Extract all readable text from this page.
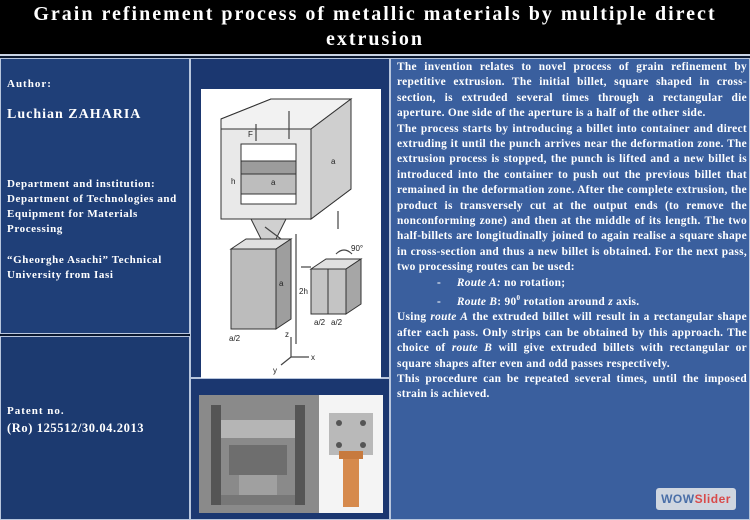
Grain refinement process of metallic materials by multiple direct extrusion
Author:
Luchian ZAHARIA
Department and institution:
Department of Technologies and Equipment for Materials Processing
“Gheorghe Asachi” Technical University from Iasi
Patent no.
(Ro) 125512/30.04.2013
F
a
a
h
2h
a
a/2
a/2 a/2
90°
z
x
y

The invention relates to novel process of grain refinement by repetitive extrusion. The initial billet, square shaped in cross-section, is extruded several times through a rectangular die aperture. One side of the aperture is a half of the other side.

The process starts by introducing a billet into container and direct extruding it until the punch arrives near the deformation zone. The extrusion process is stopped, the punch is lifted and a new billet is introduced into the container to push out the previous billet that remained in the deformation zone. After the complete extrusion, the product is transversely cut at the output ends (to remove the nonconforming zone) and then at the middle of its length. The two half-billets are longitudinally joined to again realise a square shape in cross-section and thus a new billet is obtained. For the next pass, two processing routes can be used:

- Route A: no rotation;

- Route B: $90^0$ rotation around z axis.

Using route A the extruded billet will result in a rectangular shape after each pass. Only strips can be obtained by this approach. The choice of route B will give extruded billets with rectangular or square shapes after even and odd passes respectively.

This procedure can be repeated several times, until the imposed strain is achieved.

WOW Slider
